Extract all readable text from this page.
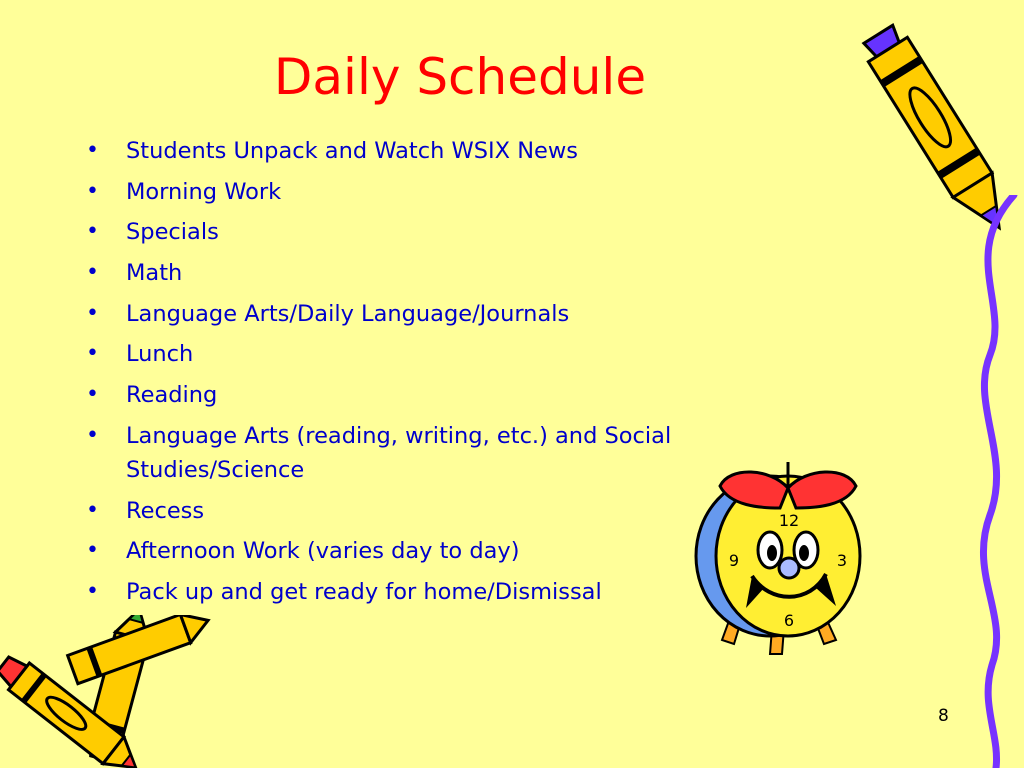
Daily Schedule
• Students Unpack and Watch WSIX News
• Morning Work
• Specials
• Math
• Language Arts/Daily Language/Journals
• Lunch
• Reading
• Language Arts (reading, writing, etc.) and Social Studies/Science
• Recess
• Afternoon Work (varies day to day)
• Pack up and get ready for home/Dismissal
12
3
6
9
8
